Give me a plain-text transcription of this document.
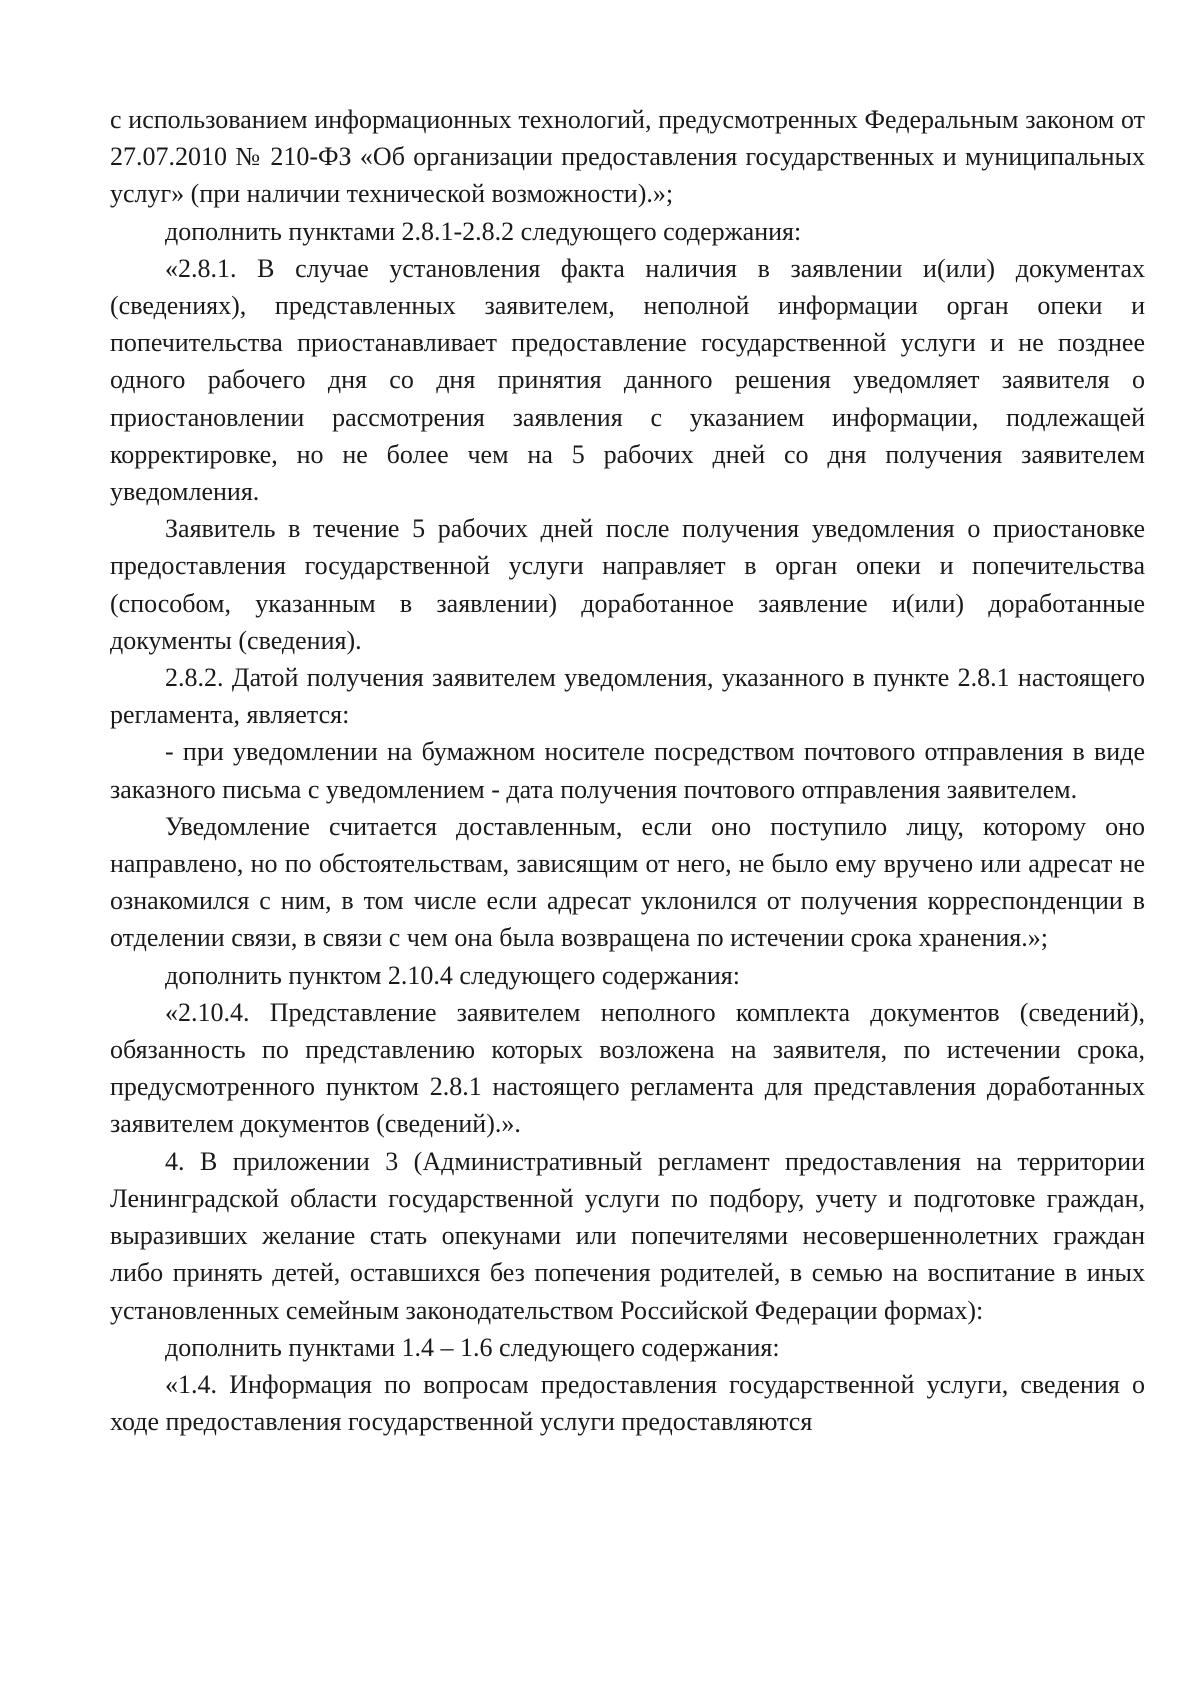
с использованием информационных технологий, предусмотренных Федеральным законом от 27.07.2010 № 210-ФЗ «Об организации предоставления государственных и муниципальных услуг» (при наличии технической возможности).»;

дополнить пунктами 2.8.1-2.8.2 следующего содержания:

«2.8.1. В случае установления факта наличия в заявлении и(или) документах (сведениях), представленных заявителем, неполной информации орган опеки и попечительства приостанавливает предоставление государственной услуги и не позднее одного рабочего дня со дня принятия данного решения уведомляет заявителя о приостановлении рассмотрения заявления с указанием информации, подлежащей корректировке, но не более чем на 5 рабочих дней со дня получения заявителем уведомления.

Заявитель в течение 5 рабочих дней после получения уведомления о приостановке предоставления государственной услуги направляет в орган опеки и попечительства (способом, указанным в заявлении) доработанное заявление и(или) доработанные документы (сведения).

2.8.2. Датой получения заявителем уведомления, указанного в пункте 2.8.1 настоящего регламента, является:

- при уведомлении на бумажном носителе посредством почтового отправления в виде заказного письма с уведомлением - дата получения почтового отправления заявителем.

Уведомление считается доставленным, если оно поступило лицу, которому оно направлено, но по обстоятельствам, зависящим от него, не было ему вручено или адресат не ознакомился с ним, в том числе если адресат уклонился от получения корреспонденции в отделении связи, в связи с чем она была возвращена по истечении срока хранения.»;

дополнить пунктом 2.10.4 следующего содержания:

«2.10.4. Представление заявителем неполного комплекта документов (сведений), обязанность по представлению которых возложена на заявителя, по истечении срока, предусмотренного пунктом 2.8.1 настоящего регламента для представления доработанных заявителем документов (сведений).».

4. В приложении 3 (Административный регламент предоставления на территории Ленинградской области государственной услуги по подбору, учету и подготовке граждан, выразивших желание стать опекунами или попечителями несовершеннолетних граждан либо принять детей, оставшихся без попечения родителей, в семью на воспитание в иных установленных семейным законодательством Российской Федерации формах):

дополнить пунктами 1.4 – 1.6 следующего содержания:

«1.4. Информация по вопросам предоставления государственной услуги, сведения о ходе предоставления государственной услуги предоставляются
